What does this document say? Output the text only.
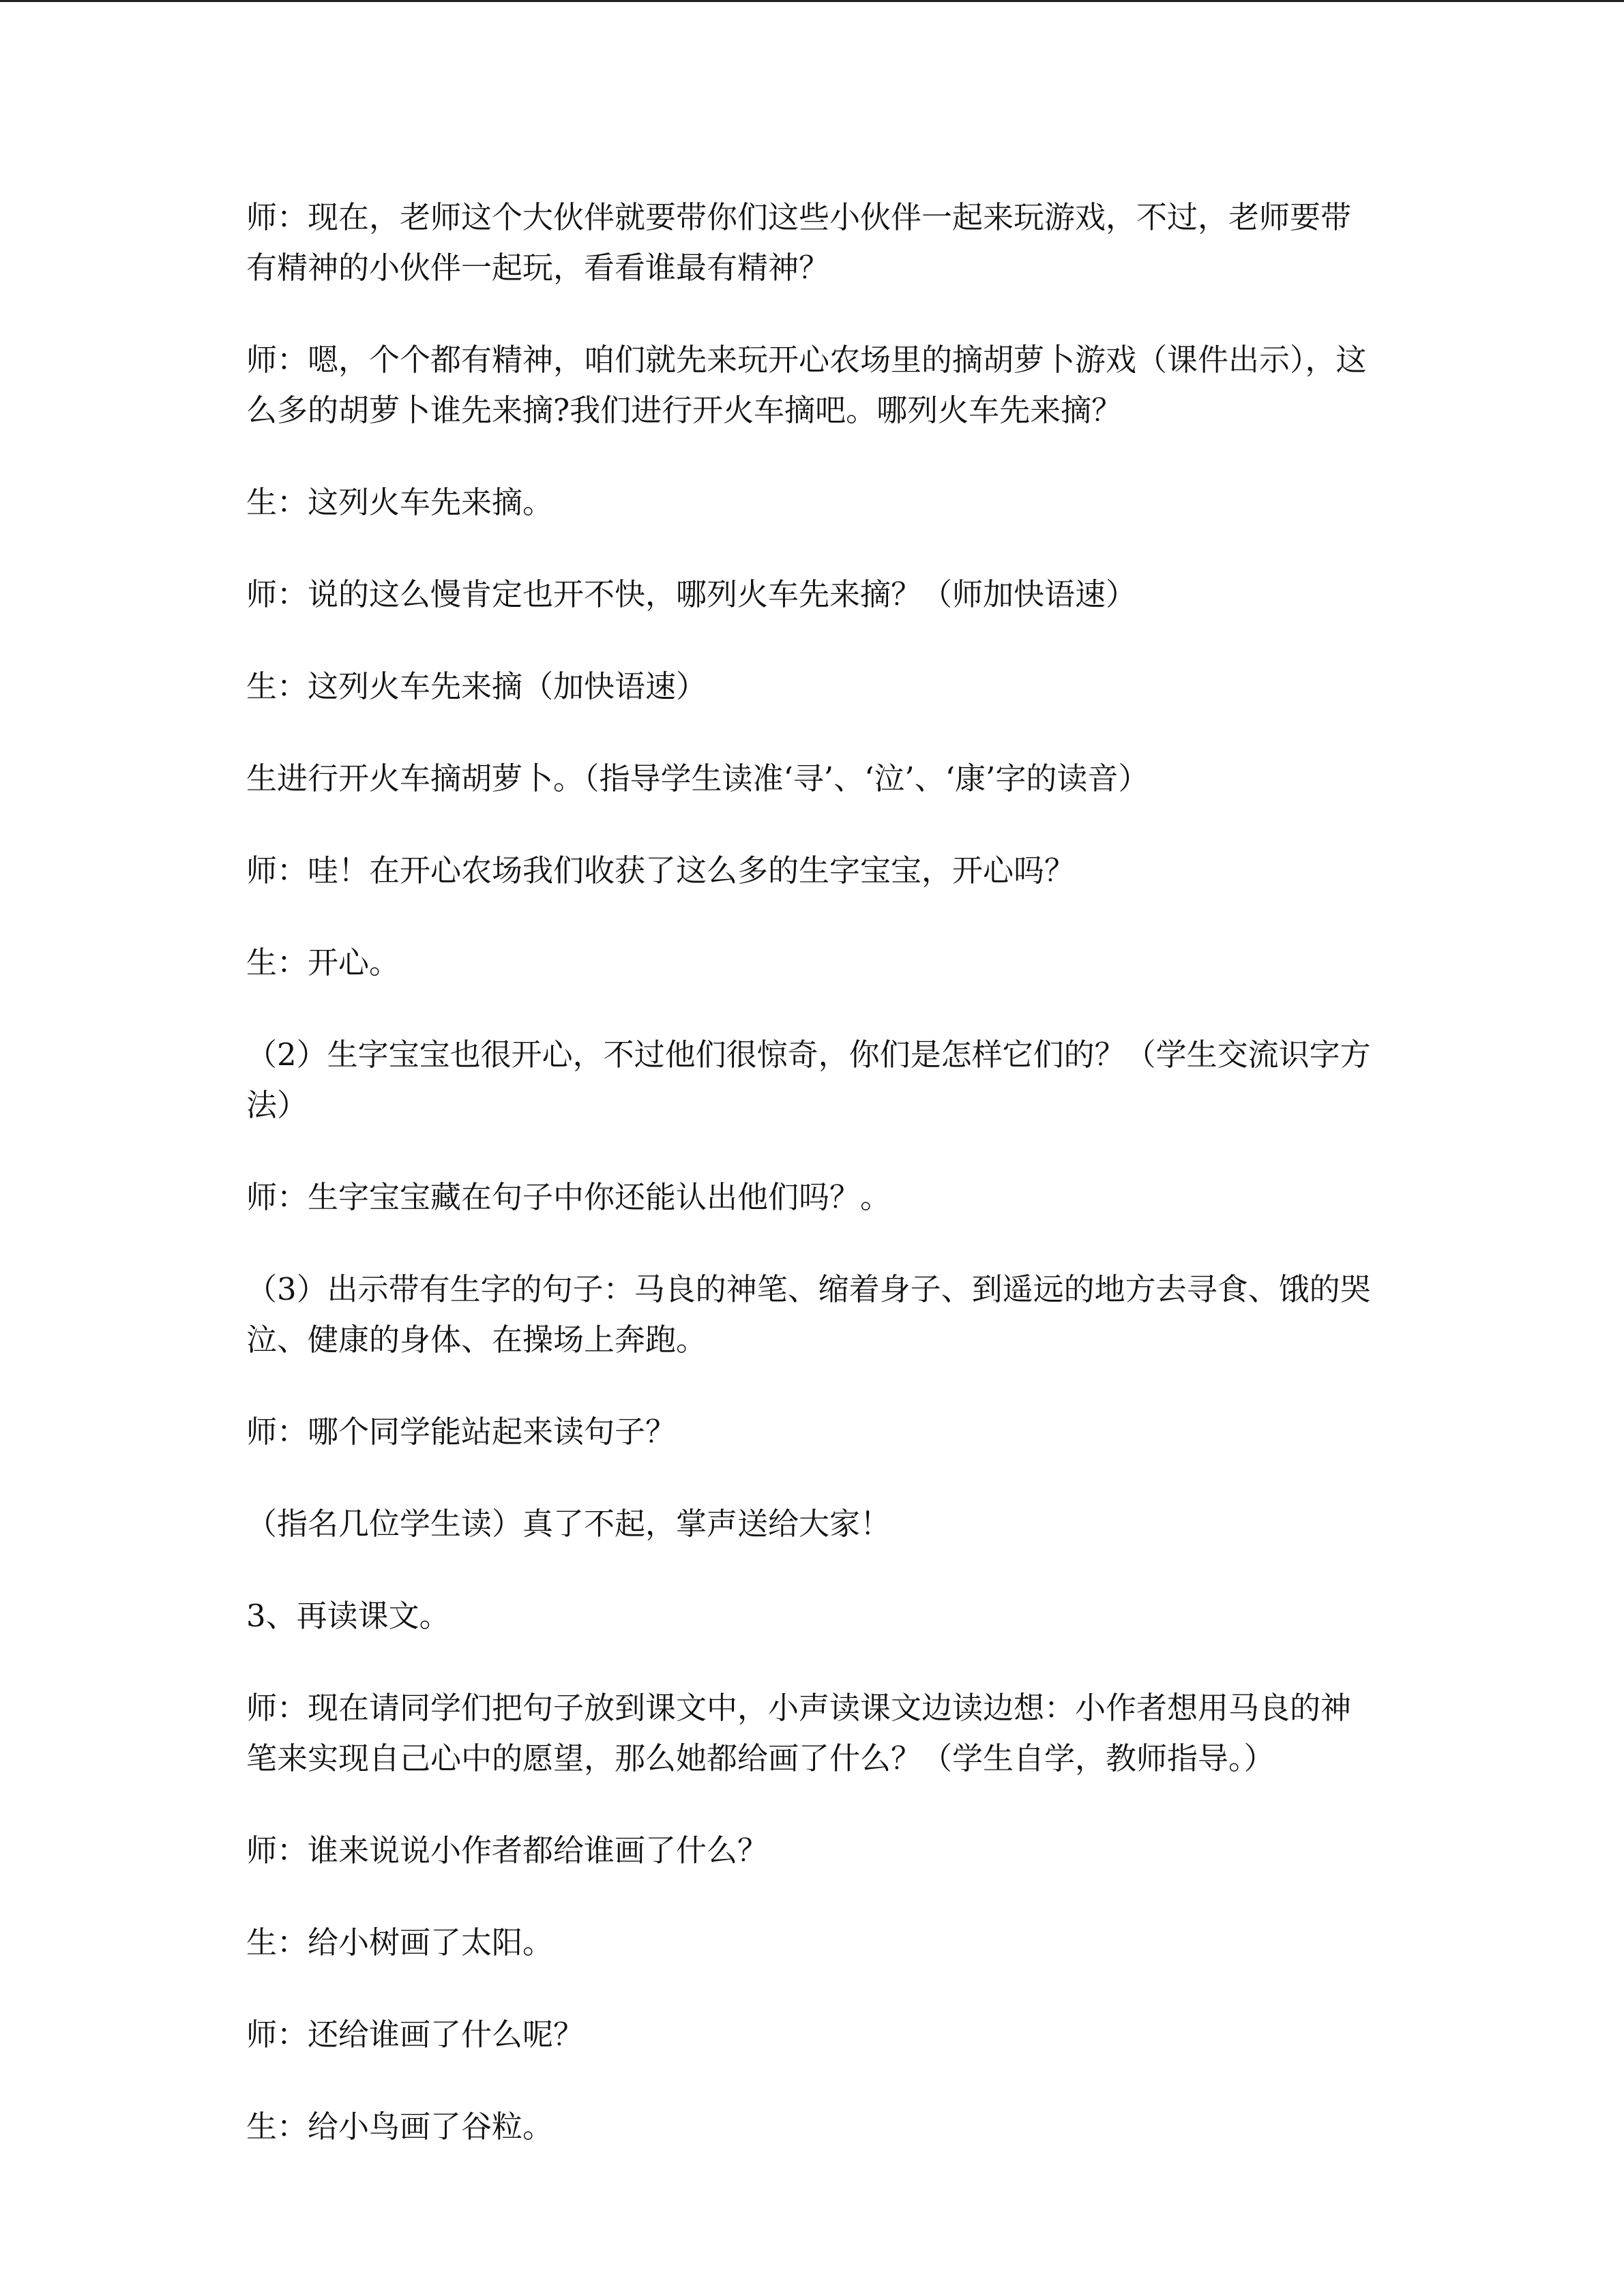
师：现在，老师这个大伙伴就要带你们这些小伙伴一起来玩游戏，不过，老师要带有精神的小伙伴一起玩，看看谁最有精神？

师：嗯，个个都有精神，咱们就先来玩开心农场里的摘胡萝卜游戏（课件出示），这么多的胡萝卜谁先来摘?我们进行开火车摘吧。哪列火车先来摘？

生：这列火车先来摘。

师：说的这么慢肯定也开不快，哪列火车先来摘？（师加快语速）

生：这列火车先来摘（加快语速）

生进行开火车摘胡萝卜。（指导学生读准‘寻’、‘泣’、‘康’字的读音）

师：哇！在开心农场我们收获了这么多的生字宝宝，开心吗？

生：开心。

（2）生字宝宝也很开心，不过他们很惊奇，你们是怎样它们的？（学生交流识字方法）

师：生字宝宝藏在句子中你还能认出他们吗？。

（3）出示带有生字的句子：马良的神笔、缩着身子、到遥远的地方去寻食、饿的哭泣、健康的身体、在操场上奔跑。

师：哪个同学能站起来读句子？

（指名几位学生读）真了不起，掌声送给大家！

3、再读课文。

师：现在请同学们把句子放到课文中，小声读课文边读边想：小作者想用马良的神笔来实现自己心中的愿望，那么她都给画了什么？（学生自学，教师指导。）

师：谁来说说小作者都给谁画了什么？

生：给小树画了太阳。

师：还给谁画了什么呢？

生：给小鸟画了谷粒。
